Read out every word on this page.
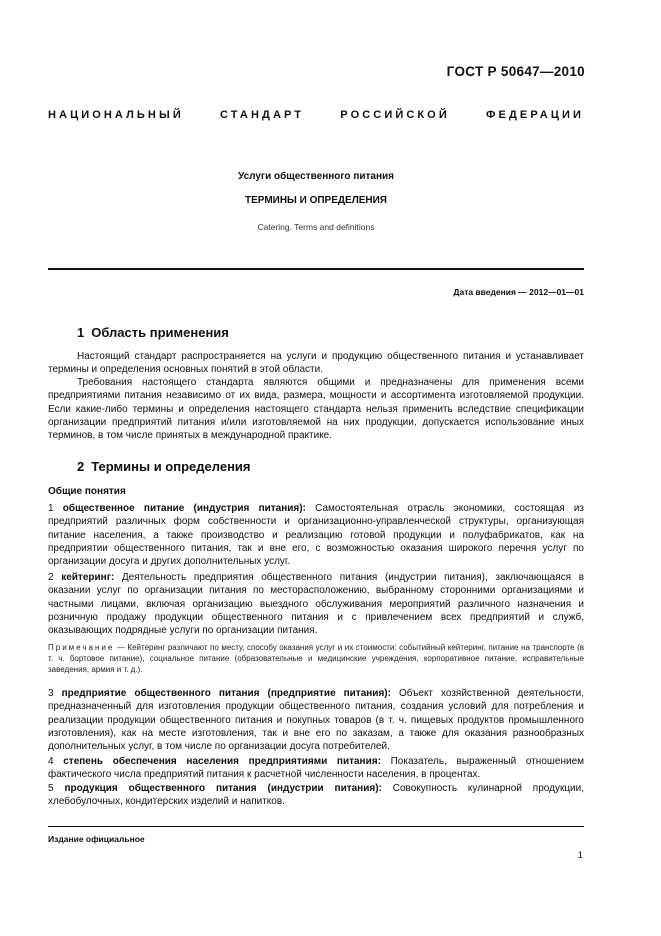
ГОСТ Р 50647—2010
НАЦИОНАЛЬНЫЙ СТАНДАРТ РОССИЙСКОЙ ФЕДЕРАЦИИ
Услуги общественного питания
ТЕРМИНЫ И ОПРЕДЕЛЕНИЯ
Catering. Terms and definitions
Дата введения — 2012—01—01
1 Область применения
Настоящий стандарт распространяется на услуги и продукцию общественного питания и устанавливает термины и определения основных понятий в этой области.
Требования настоящего стандарта являются общими и предназначены для применения всеми предприятиями питания независимо от их вида, размера, мощности и ассортимента изготовляемой продукции. Если какие-либо термины и определения настоящего стандарта нельзя применить вследствие спецификации организации предприятий питания и/или изготовляемой на них продукции, допускается использование иных терминов, в том числе принятых в международной практике.
2 Термины и определения
Общие понятия
1 общественное питание (индустрия питания): Самостоятельная отрасль экономики, состоящая из предприятий различных форм собственности и организационно-управленческой структуры, организующая питание населения, а также производство и реализацию готовой продукции и полуфабрикатов, как на предприятии общественного питания, так и вне его, с возможностью оказания широкого перечня услуг по организации досуга и других дополнительных услуг.
2 кейтеринг: Деятельность предприятия общественного питания (индустрии питания), заключающаяся в оказании услуг по организации питания по месторасположению, выбранному сторонними организациями и частными лицами, включая организацию выездного обслуживания мероприятий различного назначения и розничную продажу продукции общественного питания и с привлечением всех предприятий и служб, оказывающих подрядные услуги по организации питания.
Примечание — Кейтеринг различают по месту, способу оказания услуг и их стоимости: событийный кейтеринг, питание на транспорте (в т. ч. бортовое питание), социальное питание (образовательные и медицинские учреждения, корпоративное питание, исправительные заведения, армия и т. д.).
3 предприятие общественного питания (предприятие питания): Объект хозяйственной деятельности, предназначенный для изготовления продукции общественного питания, создания условий для потребления и реализации продукции общественного питания и покупных товаров (в т. ч. пищевых продуктов промышленного изготовления), как на месте изготовления, так и вне его по заказам, а также для оказания разнообразных дополнительных услуг, в том числе по организации досуга потребителей.
4 степень обеспечения населения предприятиями питания: Показатель, выраженный отношением фактического числа предприятий питания к расчетной численности населения, в процентах.
5 продукция общественного питания (индустрии питания): Совокупность кулинарной продукции, хлебобулочных, кондитерских изделий и напитков.
Издание официальное
1
